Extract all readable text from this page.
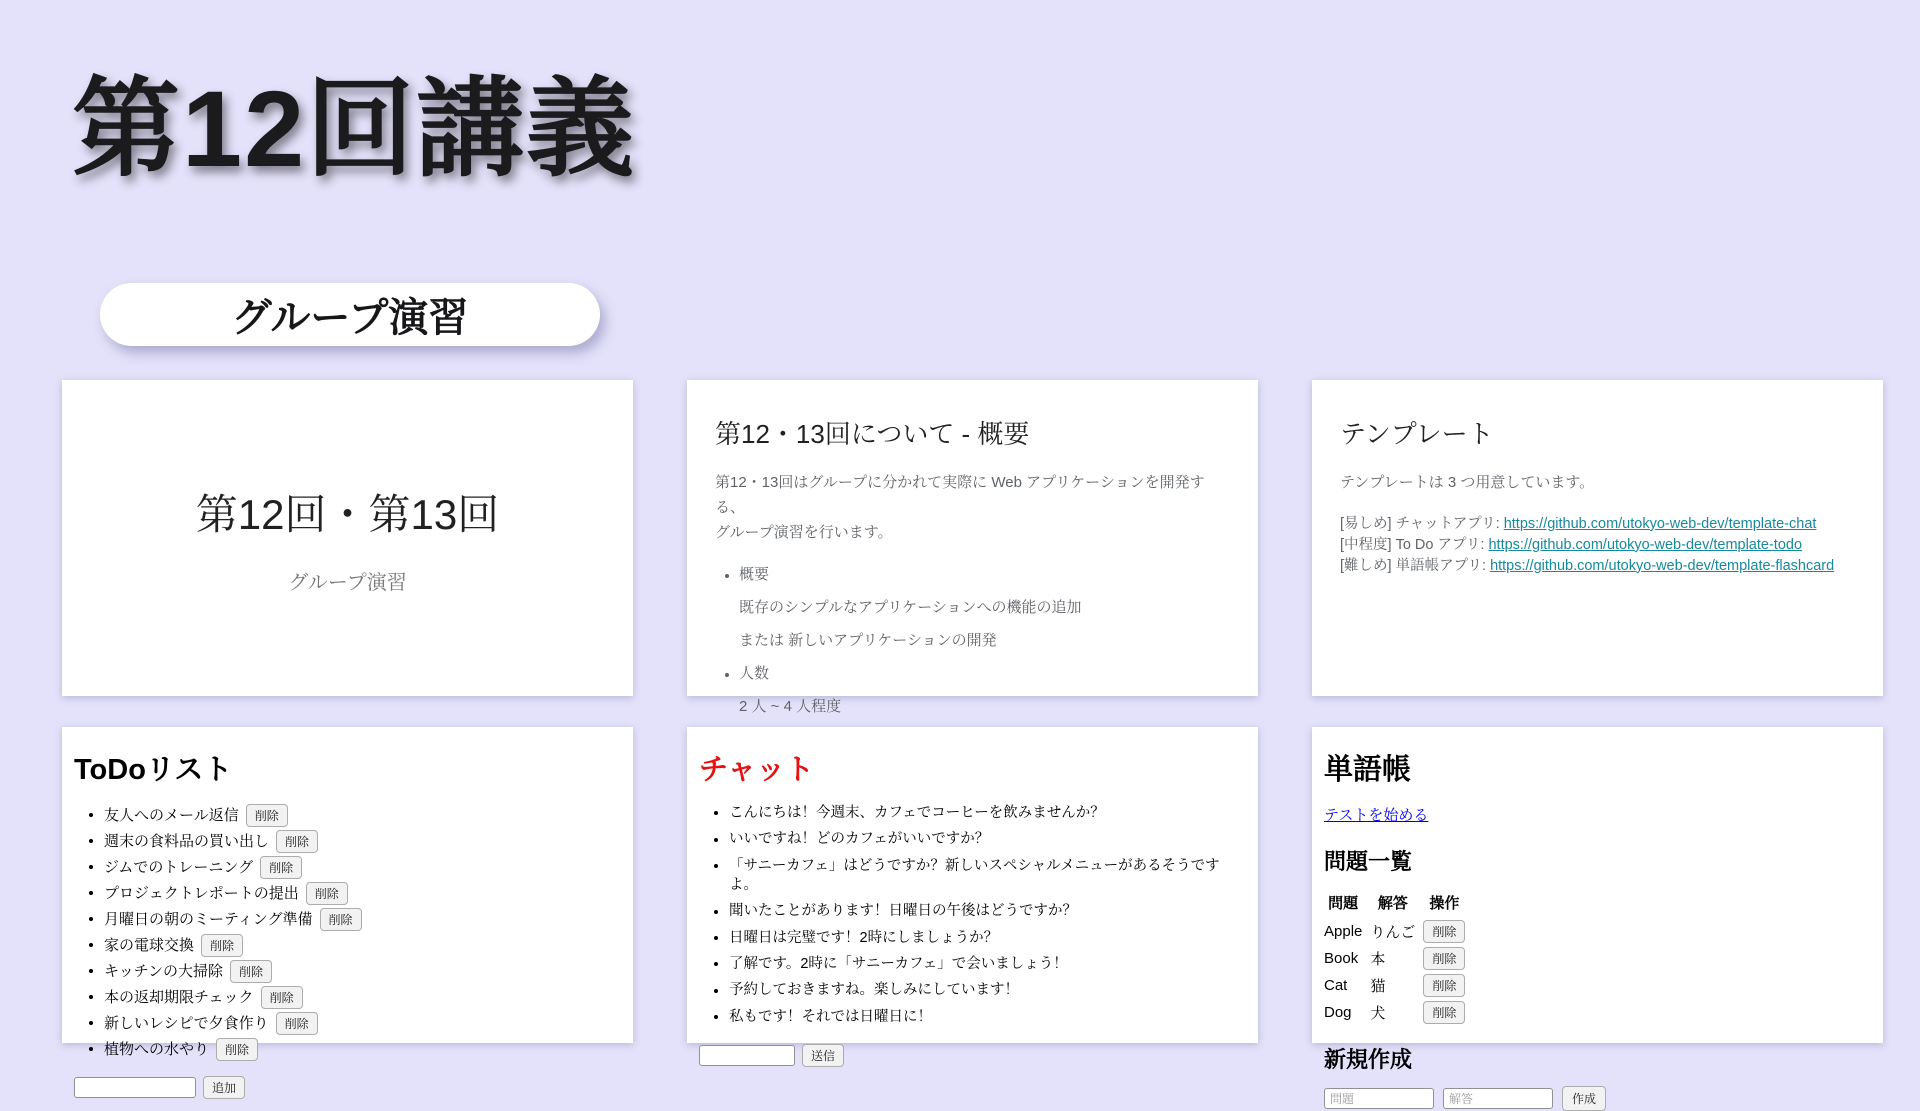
第12回講義
グループ演習
第12回・第13回
グループ演習
第12・13回について - 概要
第12・13回はグループに分かれて実際に Web アプリケーションを開発する、
グループ演習を行います。
• 概要
既存のシンプルなアプリケーションへの機能の追加
または 新しいアプリケーションの開発
• 人数
2 人 ~ 4 人程度
テンプレート
テンプレートは 3 つ用意しています。
[易しめ] チャットアプリ: https://github.com/utokyo-web-dev/template-chat
[中程度] To Do アプリ: https://github.com/utokyo-web-dev/template-todo
[難しめ] 単語帳アプリ: https://github.com/utokyo-web-dev/template-flashcard
ToDoリスト
• 友人へのメール返信 削除
• 週末の食料品の買い出し 削除
• ジムでのトレーニング 削除
• プロジェクトレポートの提出 削除
• 月曜日の朝のミーティング準備 削除
• 家の電球交換 削除
• キッチンの大掃除 削除
• 本の返却期限チェック 削除
• 新しいレシピで夕食作り 削除
• 植物への水やり 削除
追加
チャット
• こんにちは！今週末、カフェでコーヒーを飲みませんか？
• いいですね！どのカフェがいいですか？
• 「サニーカフェ」はどうですか？新しいスペシャルメニューがあるそうですよ。
• 聞いたことがあります！日曜日の午後はどうですか？
• 日曜日は完璧です！2時にしましょうか？
• 了解です。2時に「サニーカフェ」で会いましょう！
• 予約しておきますね。楽しみにしています！
• 私もです！それでは日曜日に！
送信
単語帳
テストを始める
問題一覧
問題	解答	操作
Apple	りんご	削除
Book	本	削除
Cat	猫	削除
Dog	犬	削除
新規作成
問題
解答
作成
